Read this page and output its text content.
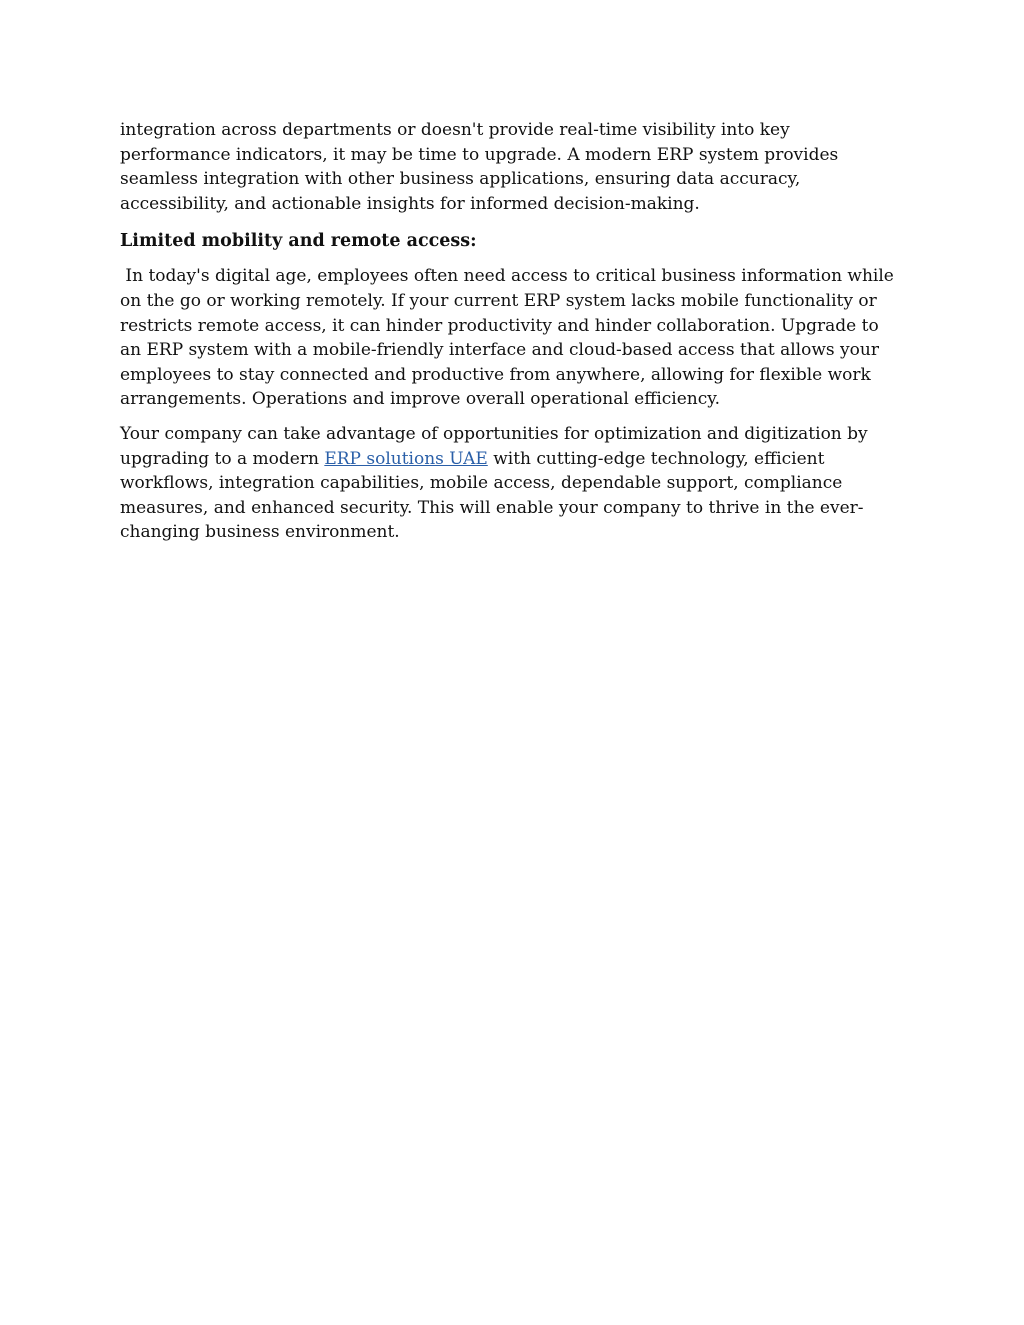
integration across departments or doesn't provide real-time visibility into key performance indicators, it may be time to upgrade. A modern ERP system provides seamless integration with other business applications, ensuring data accuracy, accessibility, and actionable insights for informed decision-making.

Limited mobility and remote access:

In today's digital age, employees often need access to critical business information while on the go or working remotely. If your current ERP system lacks mobile functionality or restricts remote access, it can hinder productivity and hinder collaboration. Upgrade to an ERP system with a mobile-friendly interface and cloud-based access that allows your employees to stay connected and productive from anywhere, allowing for flexible work arrangements. Operations and improve overall operational efficiency.

Your company can take advantage of opportunities for optimization and digitization by upgrading to a modern ERP solutions UAE with cutting-edge technology, efficient workflows, integration capabilities, mobile access, dependable support, compliance measures, and enhanced security. This will enable your company to thrive in the ever-changing business environment.
